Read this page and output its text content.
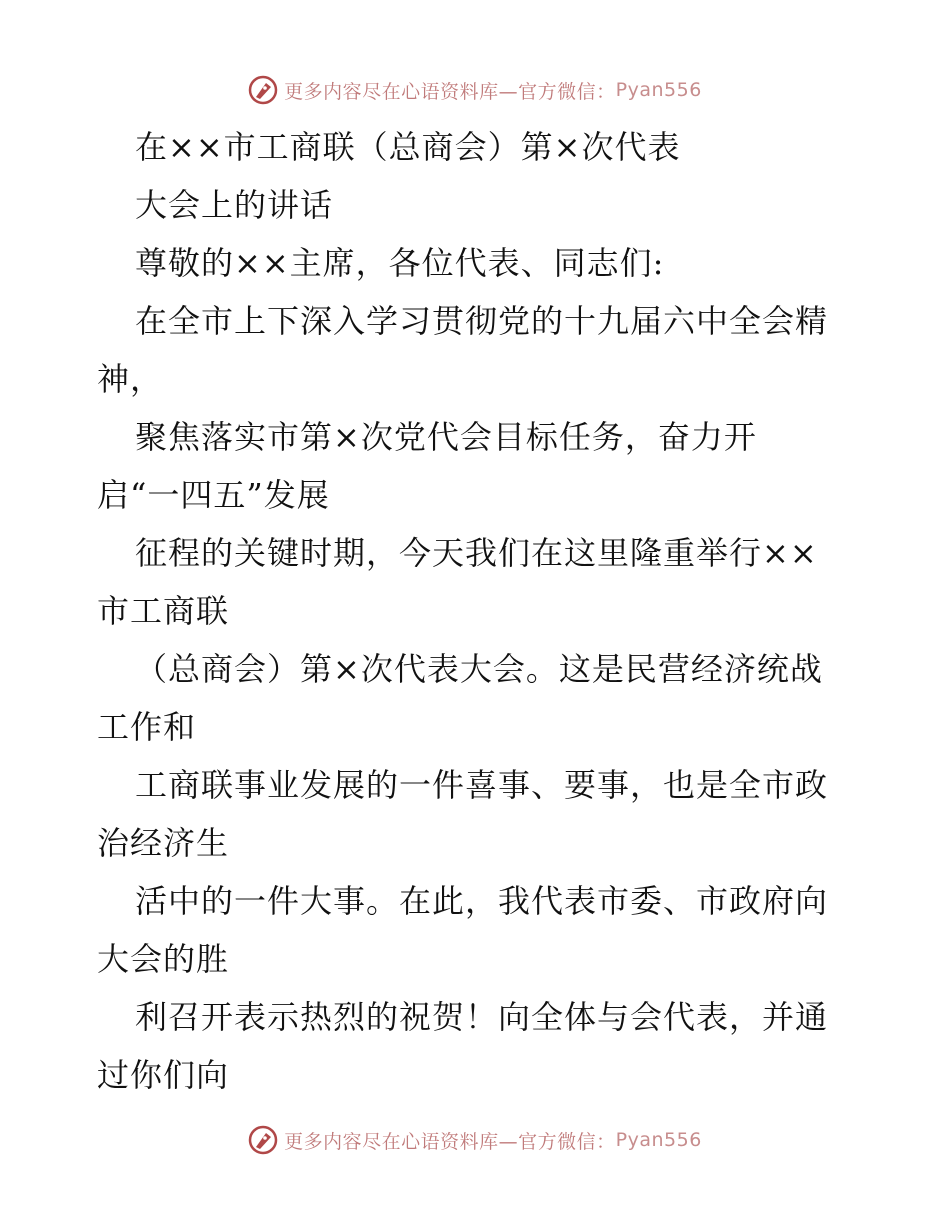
更多内容尽在心语资料库—官方微信： Pyan556
在××市工商联（总商会）第×次代表
大会上的讲话
尊敬的××主席，各位代表、同志们:
在全市上下深入学习贯彻党的十九届六中全会精
神，
聚焦落实市第×次党代会目标任务，奋力开
启“一四五”发展
征程的关键时期，今天我们在这里隆重举行××
市工商联
（总商会）第×次代表大会。这是民营经济统战
工作和
工商联事业发展的一件喜事、要事，也是全市政
治经济生
活中的一件大事。在此，我代表市委、市政府向
大会的胜
利召开表示热烈的祝贺！向全体与会代表，并通
过你们向
更多内容尽在心语资料库—官方微信： Pyan556
